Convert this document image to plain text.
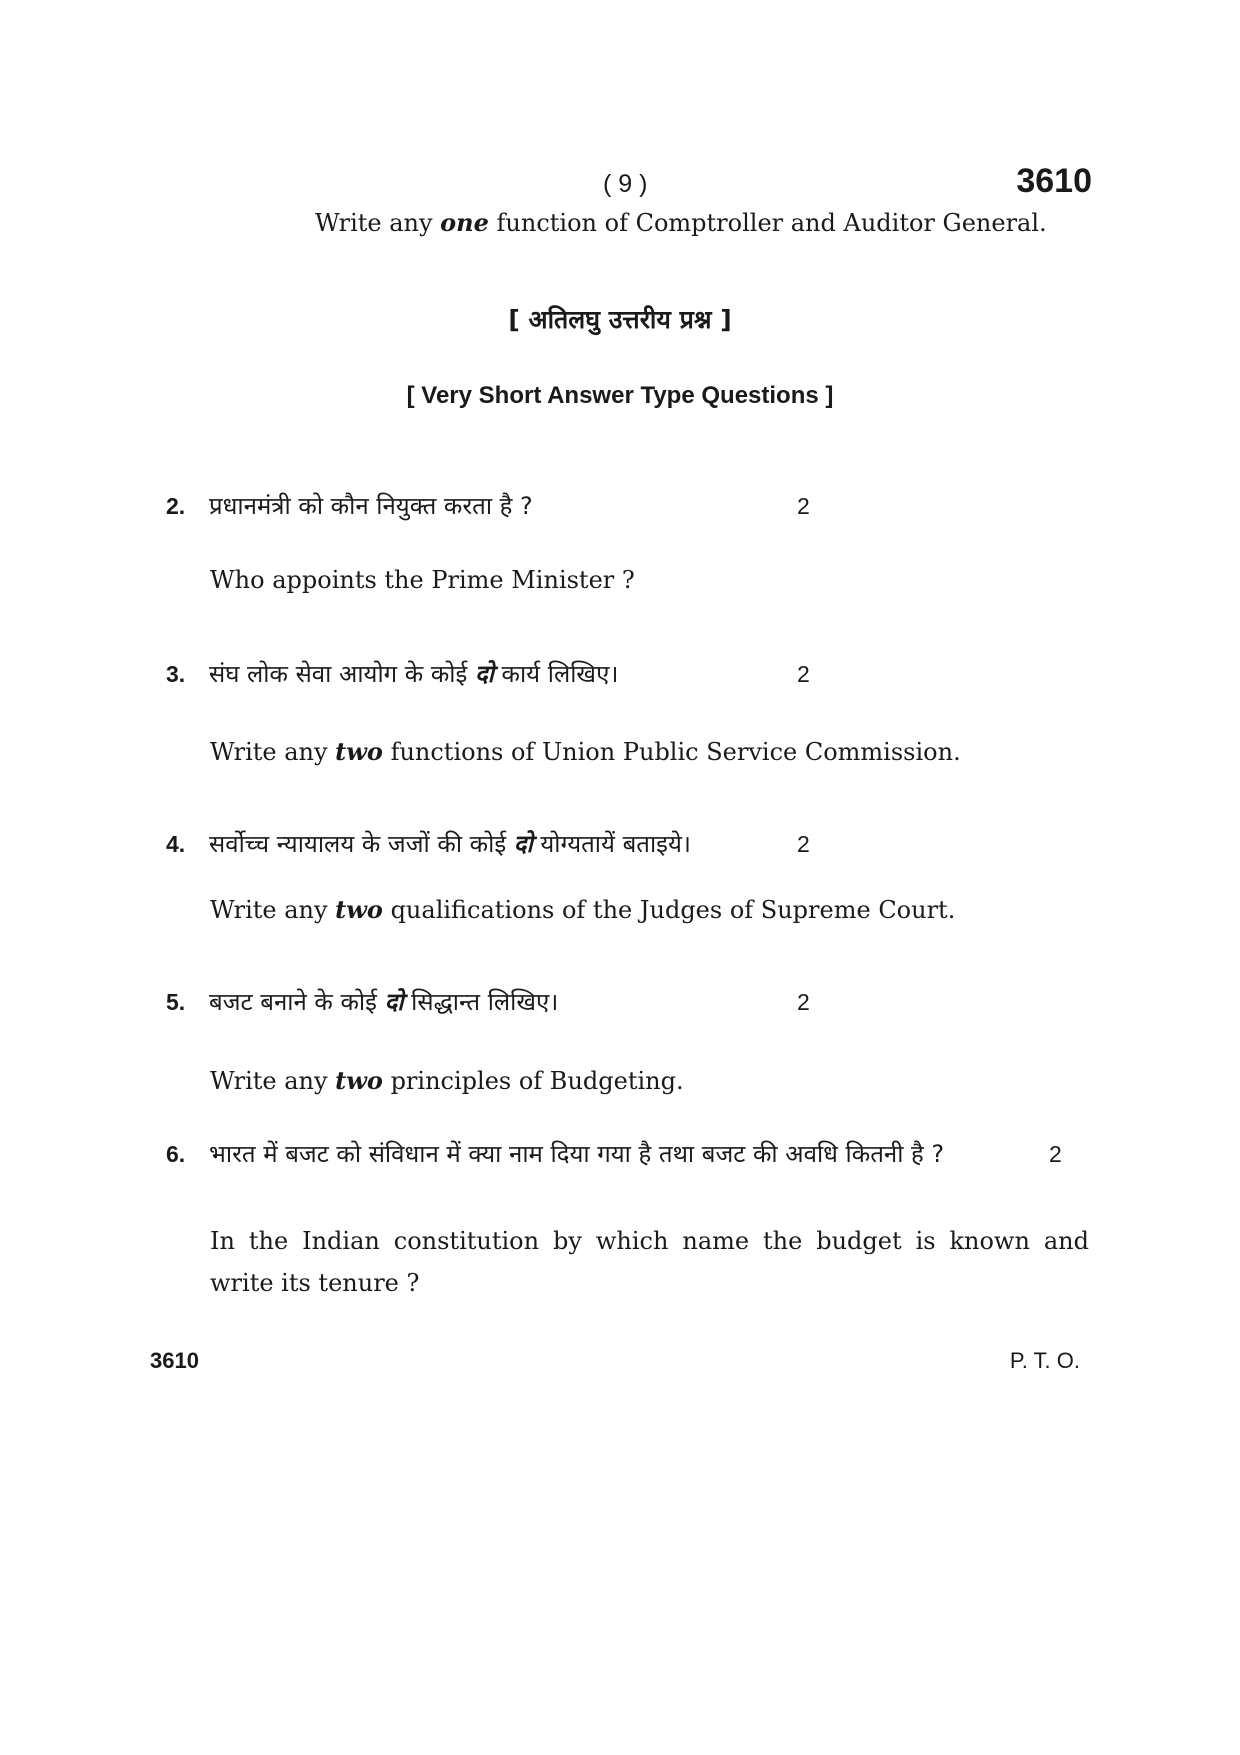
( 9 )	3610
Write any one function of Comptroller and Auditor General.
[ अतिलघु उत्तरीय प्रश्न ]
[ Very Short Answer Type Questions ]
2. प्रधानमंत्री को कौन नियुक्त करता है ?	2
Who appoints the Prime Minister ?
3. संघ लोक सेवा आयोग के कोई दो कार्य लिखिए।	2
Write any two functions of Union Public Service Commission.
4. सर्वोच्च न्यायालय के जजों की कोई दो योग्यतायें बताइये।	2
Write any two qualifications of the Judges of Supreme Court.
5. बजट बनाने के कोई दो सिद्धान्त लिखिए।	2
Write any two principles of Budgeting.
6. भारत में बजट को संविधान में क्या नाम दिया गया है तथा बजट की अवधि कितनी है ?	2
In the Indian constitution by which name the budget is known and write its tenure ?
3610	P. T. O.
